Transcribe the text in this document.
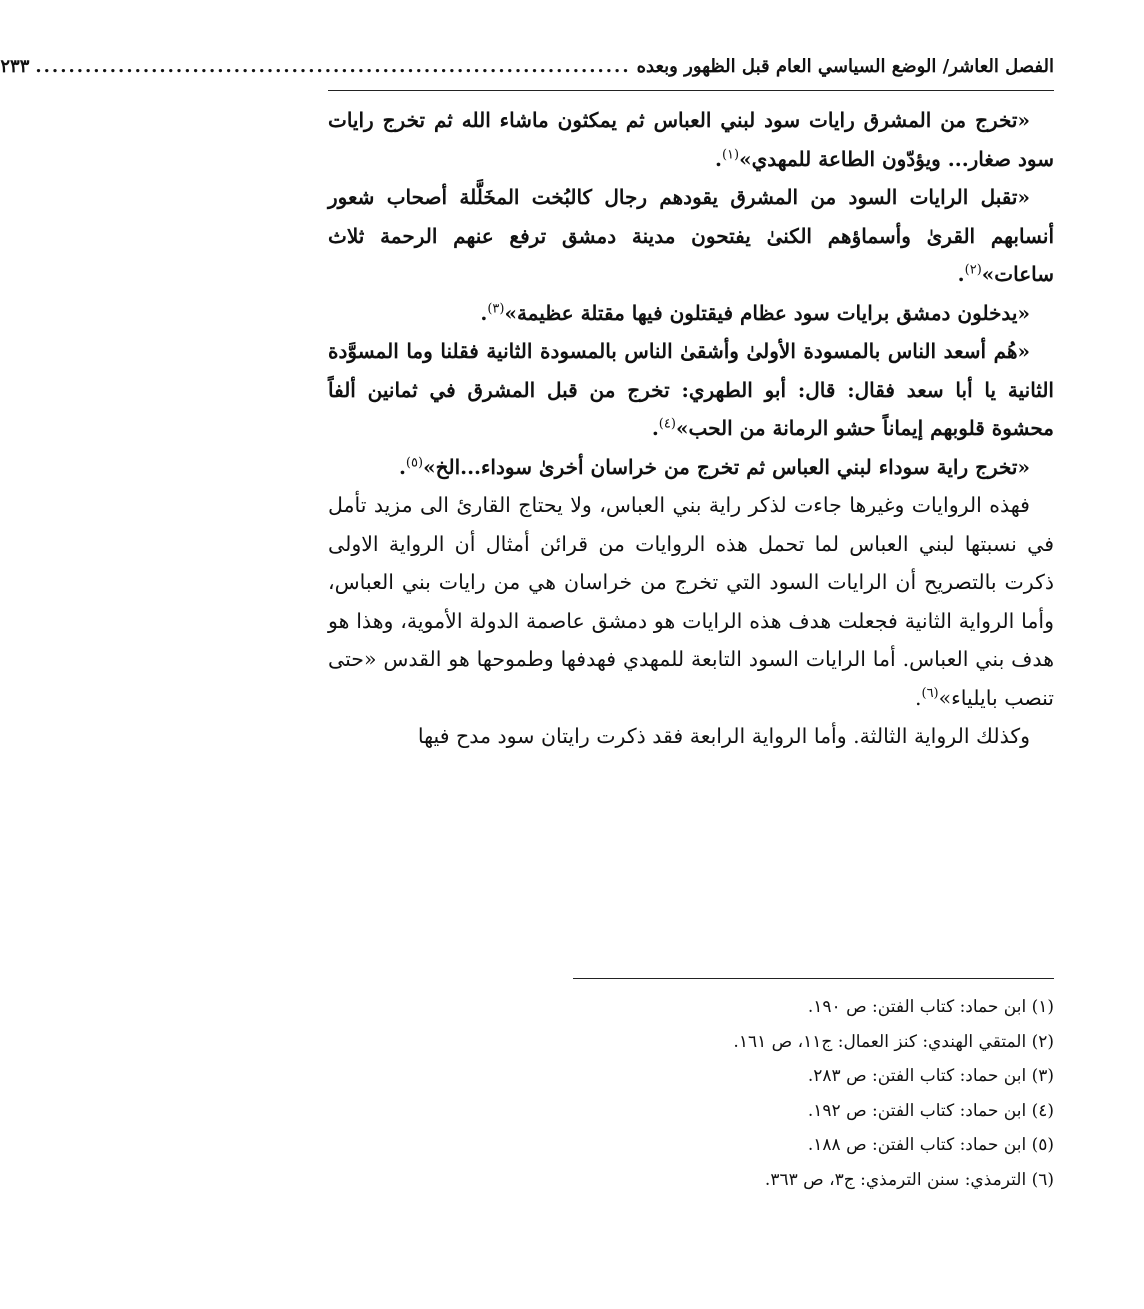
الفصل العاشر/ الوضع السياسي العام قبل الظهور وبعده
........................................................................
٢٣٣

«تخرج من المشرق رايات سود لبني العباس ثم يمكثون ماشاء الله ثم تخرج رايات سود صغار... ويؤدّون الطاعة للمهدي»$^{(١)}$.

«تقبل الرايات السود من المشرق يقودهم رجال كالبُخت المخَلَّلة أصحاب شعور أنسابهم القرىٰ وأسماؤهم الكنىٰ يفتحون مدينة دمشق ترفع عنهم الرحمة ثلاث ساعات»$^{(٢)}$.

«يدخلون دمشق برايات سود عظام فيقتلون فيها مقتلة عظيمة»$^{(٣)}$.

«هُم أسعد الناس بالمسودة الأولىٰ وأشقىٰ الناس بالمسودة الثانية فقلنا وما المسوَّدة الثانية يا أبا سعد فقال: قال: أبو الطهري: تخرج من قبل المشرق في ثمانين ألفاً محشوة قلوبهم إيماناً حشو الرمانة من الحب»$^{(٤)}$.

«تخرج راية سوداء لبني العباس ثم تخرج من خراسان أخرىٰ سوداء...الخ»$^{(٥)}$.

فهذه الروايات وغيرها جاءت لذكر راية بني العباس، ولا يحتاج القارئ الى مزيد تأمل في نسبتها لبني العباس لما تحمل هذه الروايات من قرائن أمثال أن الرواية الاولى ذكرت بالتصريح أن الرايات السود التي تخرج من خراسان هي من رايات بني العباس، وأما الرواية الثانية فجعلت هدف هذه الرايات هو دمشق عاصمة الدولة الأموية، وهذا هو هدف بني العباس. أما الرايات السود التابعة للمهدي فهدفها وطموحها هو القدس «حتى تنصب بايلياء»$^{(٦)}$.

وكذلك الرواية الثالثة. وأما الرواية الرابعة فقد ذكرت رايتان سود مدح فيها

(١) ابن حماد: كتاب الفتن: ص ١٩٠.
(٢) المتقي الهندي: كنز العمال: ج١١، ص ١٦١.
(٣) ابن حماد: كتاب الفتن: ص ٢٨٣.
(٤) ابن حماد: كتاب الفتن: ص ١٩٢.
(٥) ابن حماد: كتاب الفتن: ص ١٨٨.
(٦) الترمذي: سنن الترمذي: ج٣، ص ٣٦٣.
